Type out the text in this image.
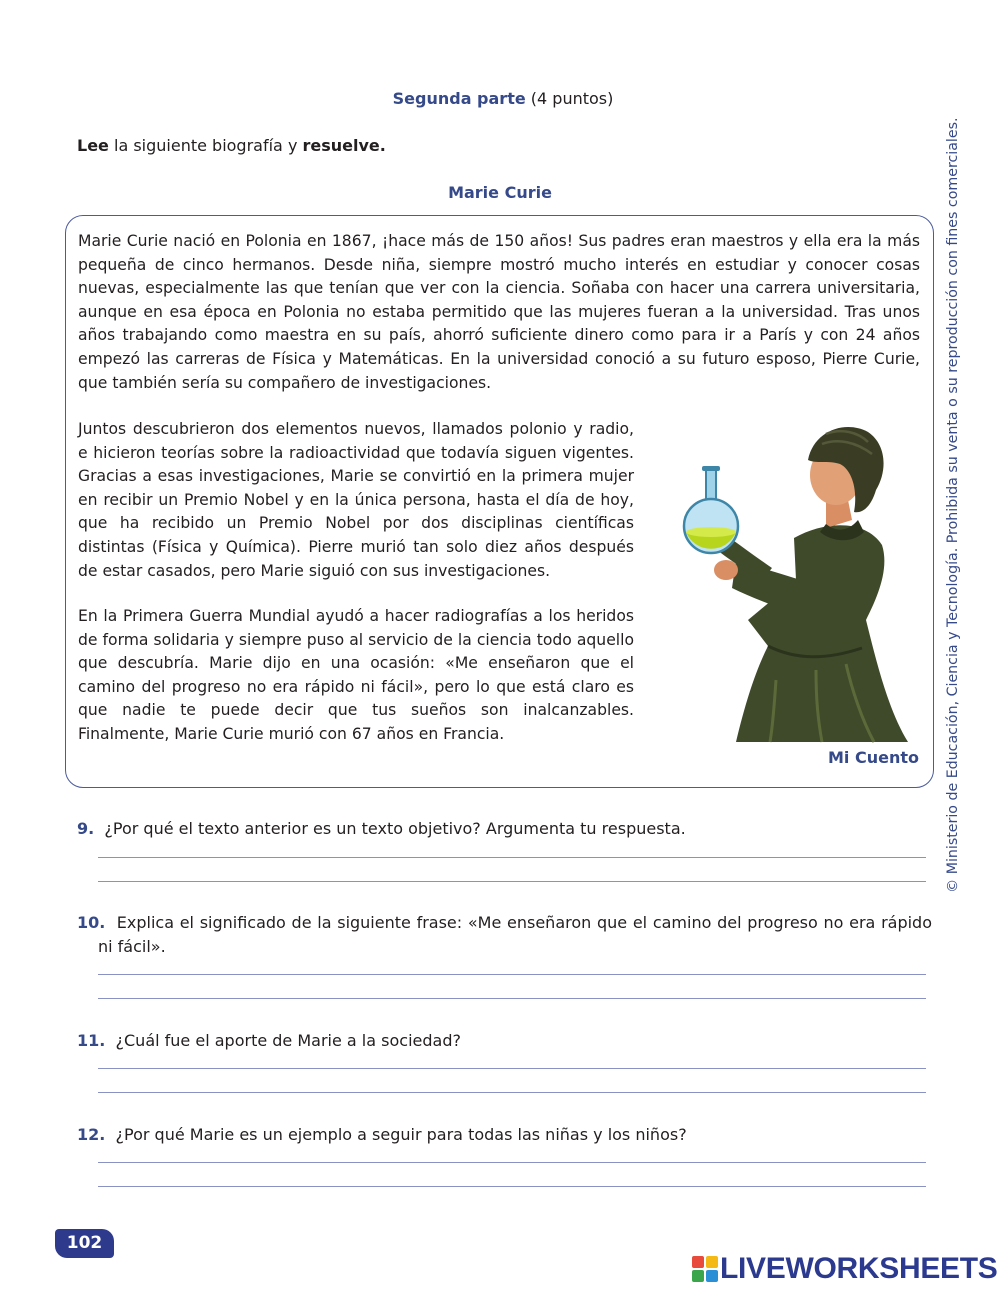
Segunda parte (4 puntos)
Lee la siguiente biografía y resuelve.
Marie Curie

Marie Curie nació en Polonia en 1867, ¡hace más de 150 años! Sus padres eran maestros y ella era la más pequeña de cinco hermanos. Desde niña, siempre mostró mucho interés en estudiar y conocer cosas nuevas, especialmente las que tenían que ver con la ciencia. Soñaba con hacer una carrera universitaria, aunque en esa época en Polonia no estaba permitido que las mujeres fueran a la universidad. Tras unos años trabajando como maestra en su país, ahorró suficiente dinero como para ir a París y con 24 años empezó las carreras de Física y Matemáticas. En la universidad conoció a su futuro esposo, Pierre Curie, que también sería su compañero de investigaciones.

Juntos descubrieron dos elementos nuevos, llamados polonio y radio, e hicieron teorías sobre la radioactividad que todavía siguen vigentes. Gracias a esas investigaciones, Marie se convirtió en la primera mujer en recibir un Premio Nobel y en la única persona, hasta el día de hoy, que ha recibido un Premio Nobel por dos disciplinas científicas distintas (Física y Química). Pierre murió tan solo diez años después de estar casados, pero Marie siguió con sus investigaciones.

En la Primera Guerra Mundial ayudó a hacer radiografías a los heridos de forma solidaria y siempre puso al servicio de la ciencia todo aquello que descubría. Marie dijo en una ocasión: «Me enseñaron que el camino del progreso no era rápido ni fácil», pero lo que está claro es que nadie te puede decir que tus sueños son inalcanzables. Finalmente, Marie Curie murió con 67 años en Francia.

Mi Cuento
9. ¿Por qué el texto anterior es un texto objetivo? Argumenta tu respuesta.
10. Explica el significado de la siguiente frase: «Me enseñaron que el camino del progreso no era rápido ni fácil».
11. ¿Cuál fue el aporte de Marie a la sociedad?
12. ¿Por qué Marie es un ejemplo a seguir para todas las niñas y los niños?
© Ministerio de Educación, Ciencia y Tecnología. Prohibida su venta o su reproducción con fines comerciales.
102
LIVEWORKSHEETS
